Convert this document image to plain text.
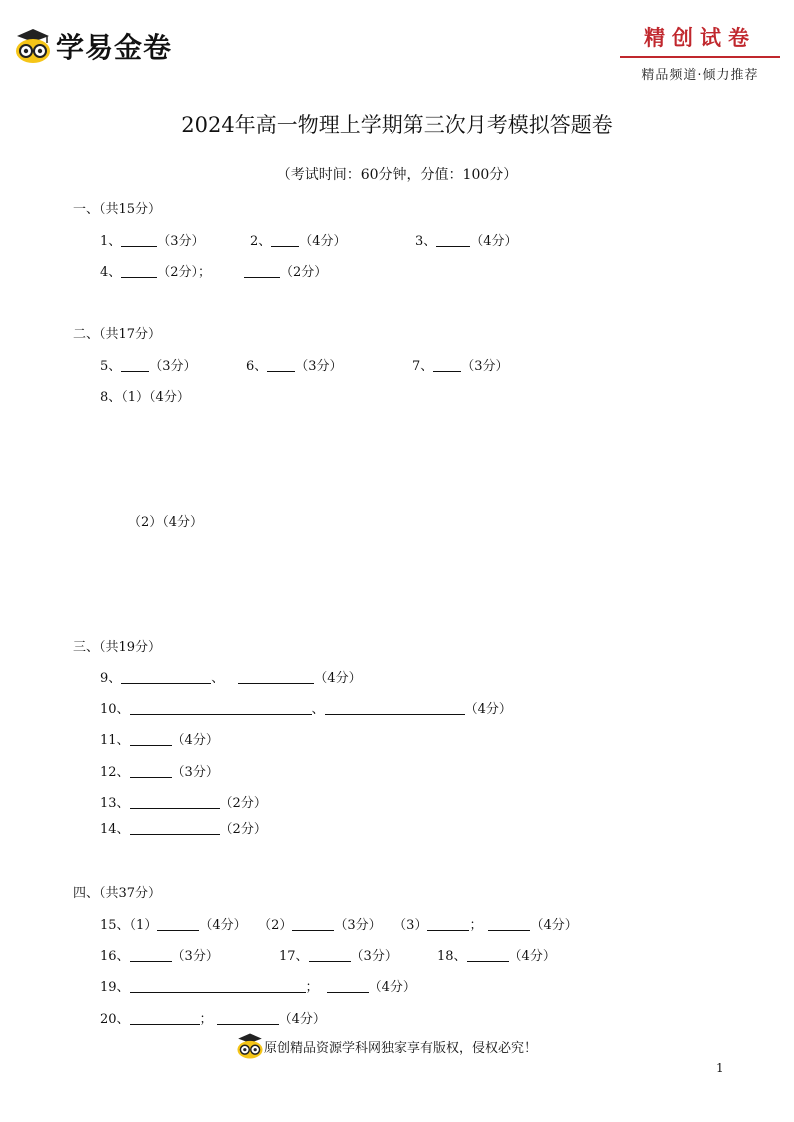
学易金卷	精创试卷
精品频道·倾力推荐
2024年高一物理上学期第三次月考模拟答题卷
（考试时间：60分钟，分值：100分）
一、（共15分）
1、	（3分）	2、 （4分）	3、	（4分）
4、	（2分）；	（2分）
二、（共17分）
5、 （3分）	6、 （3分）	7、 （3分）
8、（1）（4分）
（2）（4分）
三、（共19分）
9、	、	（4分）
10、	、	（4分）
11、	（4分）
12、	（3分）
13、	（2分）
14、	（2分）
四、（共37分）
15、（1）	（4分） （2）	（3分） （3）	；	（4分）
16、	（3分）	17、	（3分）	18、	（4分）
19、	；	（4分）
20、	；	（4分）
原创精品资源学科网独家享有版权，侵权必究！
1
